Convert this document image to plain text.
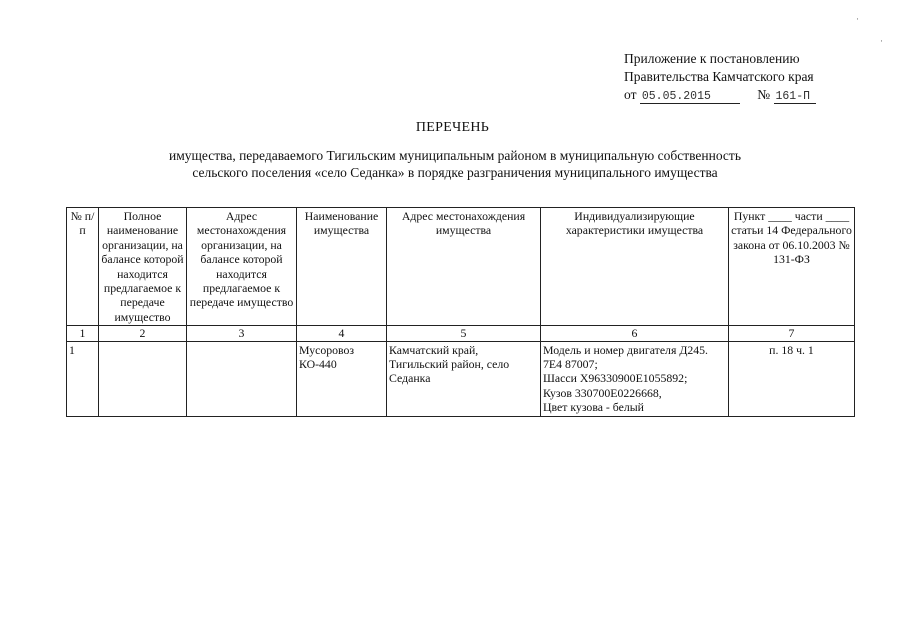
Приложение к постановлению
Правительства Камчатского края
от 05.05.2015	№ 161-П
ПЕРЕЧЕНЬ
имущества, передаваемого Тигильским муниципальным районом в муниципальную собственность
сельского поселения «село Седанка» в порядке разграничения муниципального имущества
№ п/п	Полное наименование организации, на балансе которой находится предлагаемое к передаче имущество	Адрес местонахождения организации, на балансе которой находится предлагаемое к передаче имущество	Наименование имущества	Адрес местонахождения имущества	Индивидуализирующие характеристики имущества	Пункт ____ части ____ статьи 14 Федерального закона от 06.10.2003 № 131-ФЗ
1	2	3	4	5	6	7
1			Мусоровоз КО-440	Камчатский край, Тигильский район, село Седанка	Модель и номер двигателя Д245. 7Е4 87007;
Шасси Х96330900Е1055892;
Кузов 330700Е0226668,
Цвет кузова - белый	п. 18 ч. 1
·
·
